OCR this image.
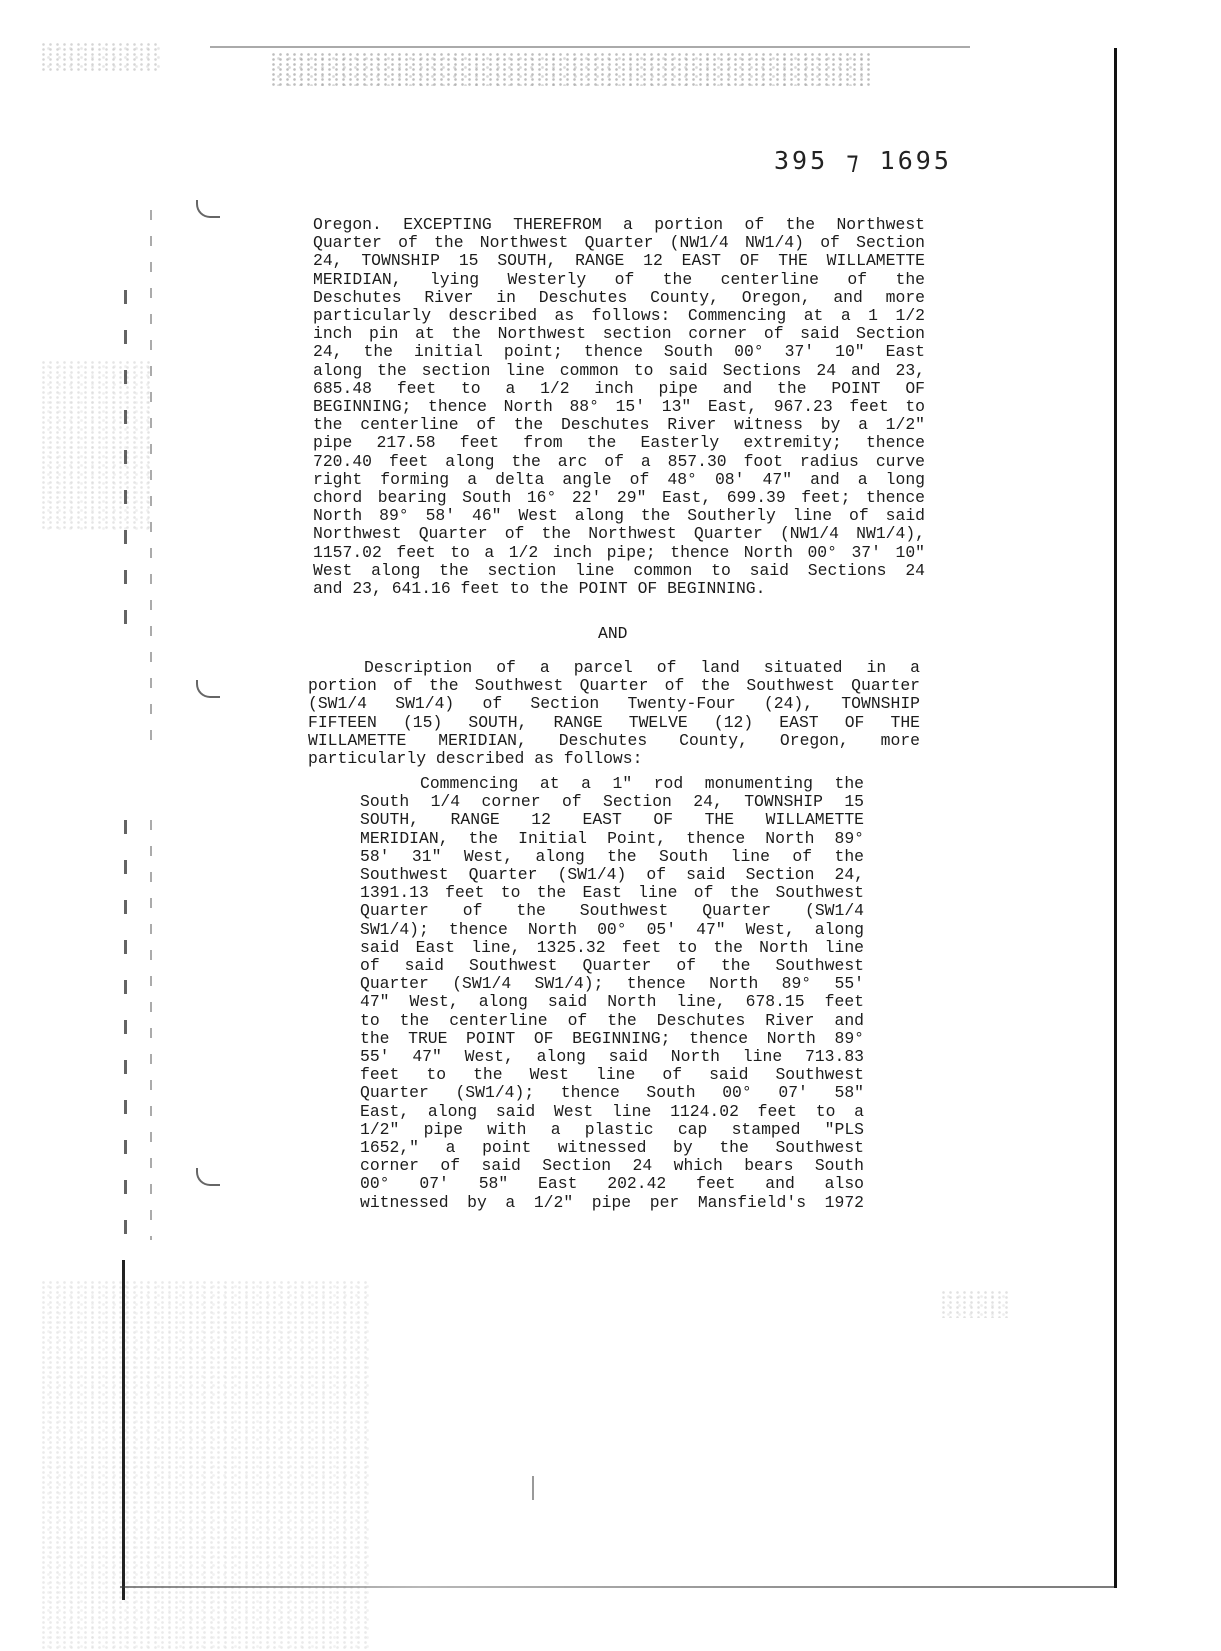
395 ⁊ 1695
Oregon. EXCEPTING THEREFROM a portion of the Northwest
Quarter of the Northwest Quarter (NW1/4 NW1/4) of Section
24, TOWNSHIP 15 SOUTH, RANGE 12 EAST OF THE WILLAMETTE
MERIDIAN, lying Westerly of the centerline of the
Deschutes River in Deschutes County, Oregon, and more
particularly described as follows: Commencing at a 1 1/2
inch pin at the Northwest section corner of said Section
24, the initial point; thence South 00° 37' 10" East
along the section line common to said Sections 24 and 23,
685.48 feet to a 1/2 inch pipe and the POINT OF
BEGINNING; thence North 88° 15' 13" East, 967.23 feet to
the centerline of the Deschutes River witness by a 1/2"
pipe 217.58 feet from the Easterly extremity; thence
720.40 feet along the arc of a 857.30 foot radius curve
right forming a delta angle of 48° 08' 47" and a long
chord bearing South 16° 22' 29" East, 699.39 feet; thence
North 89° 58' 46" West along the Southerly line of said
Northwest Quarter of the Northwest Quarter (NW1/4 NW1/4),
1157.02 feet to a 1/2 inch pipe; thence North 00° 37' 10"
West along the section line common to said Sections 24
and 23, 641.16 feet to the POINT OF BEGINNING.
AND
Description of a parcel of land situated in a
portion of the Southwest Quarter of the Southwest Quarter
(SW1/4 SW1/4) of Section Twenty-Four (24), TOWNSHIP
FIFTEEN (15) SOUTH, RANGE TWELVE (12) EAST OF THE
WILLAMETTE MERIDIAN, Deschutes County, Oregon, more
particularly described as follows:
Commencing at a 1" rod monumenting the
South 1/4 corner of Section 24, TOWNSHIP 15
SOUTH, RANGE 12 EAST OF THE WILLAMETTE
MERIDIAN, the Initial Point, thence North 89°
58' 31" West, along the South line of the
Southwest Quarter (SW1/4) of said Section 24,
1391.13 feet to the East line of the Southwest
Quarter of the Southwest Quarter (SW1/4
SW1/4); thence North 00° 05' 47" West, along
said East line, 1325.32 feet to the North line
of said Southwest Quarter of the Southwest
Quarter (SW1/4 SW1/4); thence North 89° 55'
47" West, along said North line, 678.15 feet
to the centerline of the Deschutes River and
the TRUE POINT OF BEGINNING; thence North 89°
55' 47" West, along said North line 713.83
feet to the West line of said Southwest
Quarter (SW1/4); thence South 00° 07' 58"
East, along said West line 1124.02 feet to a
1/2" pipe with a plastic cap stamped "PLS
1652," a point witnessed by the Southwest
corner of said Section 24 which bears South
00° 07' 58" East 202.42 feet and also
witnessed by a 1/2" pipe per Mansfield's 1972
